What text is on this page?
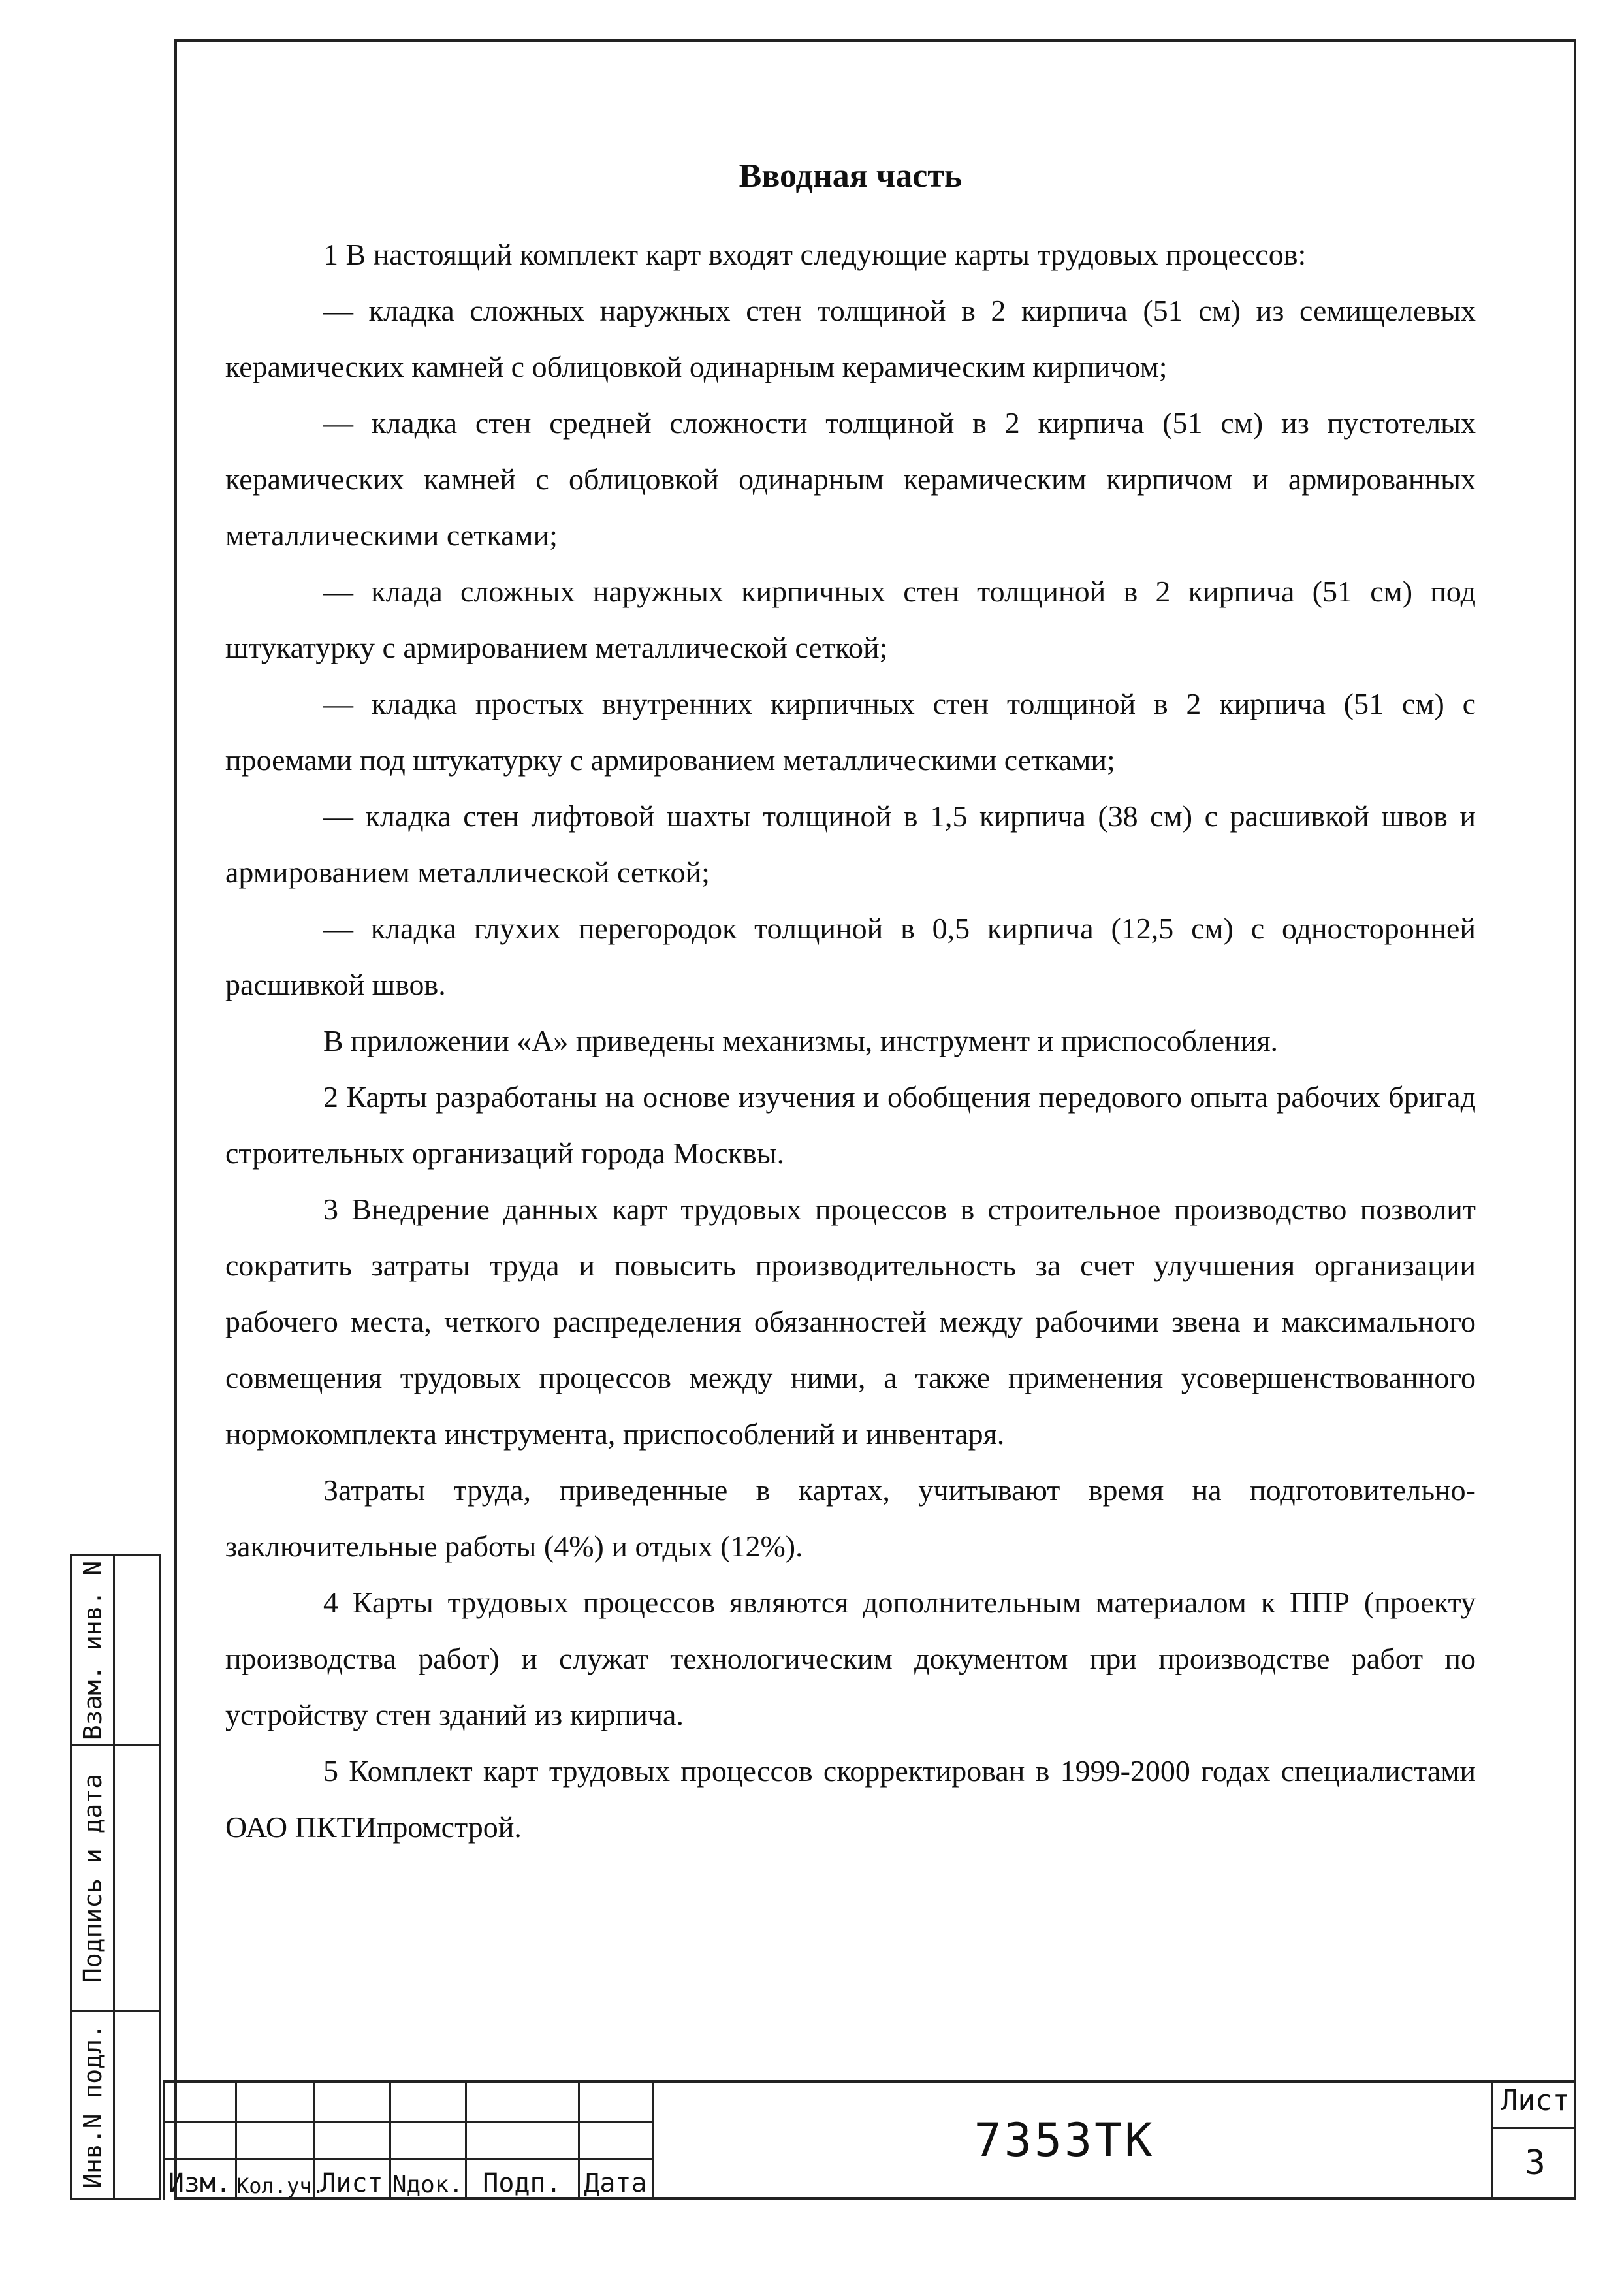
Вводная часть

1 В настоящий комплект карт входят следующие карты трудовых процессов:

— кладка сложных наружных стен толщиной в 2 кирпича (51 см) из семищелевых керамических камней с облицовкой одинарным керамическим кирпичом;

— кладка стен средней сложности толщиной в 2 кирпича (51 см) из пустотелых керамических камней с облицовкой одинарным керамическим кирпичом и армированных металлическими сетками;

— клада сложных наружных кирпичных стен толщиной в 2 кирпича (51 см) под штукатурку с армированием металлической сеткой;

— кладка простых внутренних кирпичных стен толщиной в 2 кирпича (51 см) с проемами под штукатурку с армированием металлическими сетками;

— кладка стен лифтовой шахты толщиной в 1,5 кирпича (38 см) с расшивкой швов и армированием металлической сеткой;

— кладка глухих перегородок толщиной в 0,5 кирпича (12,5 см) с односторонней расшивкой швов.

В приложении «А» приведены механизмы, инструмент и приспособления.

2 Карты разработаны на основе изучения и обобщения передового опыта рабочих бригад строительных организаций города Москвы.

3 Внедрение данных карт трудовых процессов в строительное производство позволит сократить затраты труда и повысить производительность за счет улучшения организации рабочего места, четкого распределения обязанностей между рабочими звена и максимального совмещения трудовых процессов между ними, а также применения усовершенствованного нормокомплекта инструмента, приспособлений и инвентаря.

Затраты труда, приведенные в картах, учитывают время на подготовительно-заключительные работы (4%) и отдых (12%).

4 Карты трудовых процессов являются дополнительным материалом к ППР (проекту производства работ) и служат технологическим документом при производстве работ по устройству стен зданий из кирпича.

5 Комплект карт трудовых процессов скорректирован в 1999-2000 годах специалистами ОАО ПКТИпромстрой.

Взам. инв. N
Подпись и дата
Инв.N подл. Изм. Кол.уч.
Лист Nдок. Подп. Дата
7353ТК
Лист
3
